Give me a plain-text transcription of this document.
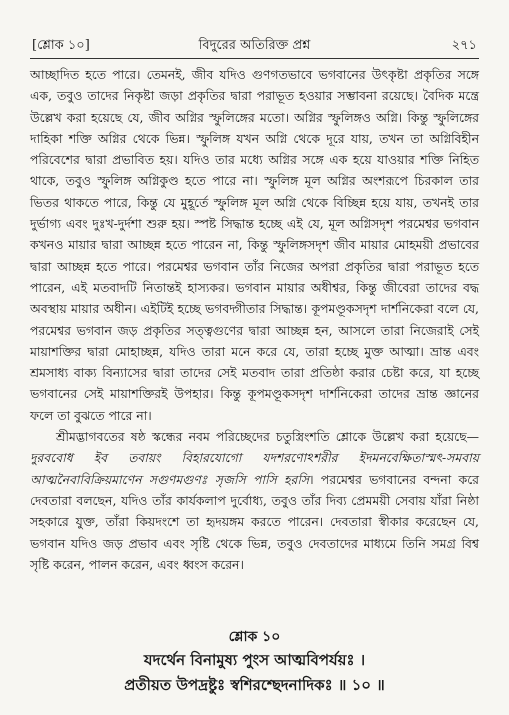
[শ্লোক ১০]	বিদুরের অতিরিক্ত প্রশ্ন	২৭১

আচ্ছাদিত হতে পারে। তেমনই, জীব যদিও গুণগতভাবে ভগবানের উৎকৃষ্টা প্রকৃতির সঙ্গে এক, তবুও তাদের নিকৃষ্টা জড়া প্রকৃতির দ্বারা পরাভূত হওয়ার সম্ভাবনা রয়েছে। বৈদিক মন্ত্রে উল্লেখ করা হয়েছে যে, জীব অগ্নির স্ফুলিঙ্গের মতো। অগ্নির স্ফুলিঙ্গও অগ্নি। কিন্তু স্ফুলিঙ্গের দাহিকা শক্তি অগ্নির থেকে ভিন্ন। স্ফুলিঙ্গ যখন অগ্নি থেকে দূরে যায়, তখন তা অগ্নিবিহীন পরিবেশের দ্বারা প্রভাবিত হয়। যদিও তার মধ্যে অগ্নির সঙ্গে এক হয়ে যাওয়ার শক্তি নিহিত থাকে, তবুও স্ফুলিঙ্গ অগ্নিকুণ্ড হতে পারে না। স্ফুলিঙ্গ মূল অগ্নির অংশরূপে চিরকাল তার ভিতর থাকতে পারে, কিন্তু যে মুহূর্তে স্ফুলিঙ্গ মূল অগ্নি থেকে বিচ্ছিন্ন হয়ে যায়, তখনই তার দুর্ভাগ্য এবং দুঃখ-দুর্দশা শুরু হয়। স্পষ্ট সিদ্ধান্ত হচ্ছে এই যে, মূল অগ্নিসদৃশ পরমেশ্বর ভগবান কখনও মায়ার দ্বারা আচ্ছন্ন হতে পারেন না, কিন্তু স্ফুলিঙ্গসদৃশ জীব মায়ার মোহময়ী প্রভাবের দ্বারা আচ্ছন্ন হতে পারে। পরমেশ্বর ভগবান তাঁর নিজের অপরা প্রকৃতির দ্বারা পরাভূত হতে পারেন, এই মতবাদটি নিতান্তই হাস্যকর। ভগবান মায়ার অধীশ্বর, কিন্তু জীবেরা তাদের বদ্ধ অবস্থায় মায়ার অধীন। এইটিই হচ্ছে ভগবদ্গীতার সিদ্ধান্ত। কূপমণ্ডূকসদৃশ দার্শনিকেরা বলে যে, পরমেশ্বর ভগবান জড় প্রকৃতির সত্ত্বগুণের দ্বারা আচ্ছন্ন হন, আসলে তারা নিজেরাই সেই মায়াশক্তির দ্বারা মোহাচ্ছন্ন, যদিও তারা মনে করে যে, তারা হচ্ছে মুক্ত আত্মা। ভ্রান্ত এবং শ্রমসাধ্য বাক্য বিন্যাসের দ্বারা তাদের সেই মতবাদ তারা প্রতিষ্ঠা করার চেষ্টা করে, যা হচ্ছে ভগবানের সেই মায়াশক্তিরই উপহার। কিন্তু কূপমণ্ডূকসদৃশ দার্শনিকেরা তাদের ভ্রান্ত জ্ঞানের ফলে তা বুঝতে পারে না।

শ্রীমদ্ভাগবতের ষষ্ঠ স্কন্ধের নবম পরিচ্ছেদের চতুস্ত্রিংশতি শ্লোকে উল্লেখ করা হয়েছে—দুরববোধ ইব তবায়ং বিহারযোগো যদশরণোঽশরীর ইদমনবেক্ষিতাস্মৎ-সমবায় আত্মনৈবাবিক্রিয়মাণেন সগুণমগুণঃ সৃজসি পাসি হরসি। পরমেশ্বর ভগবানের বন্দনা করে দেবতারা বলছেন, যদিও তাঁর কার্যকলাপ দুর্বোধ্য, তবুও তাঁর দিব্য প্রেমময়ী সেবায় যাঁরা নিষ্ঠা সহকারে যুক্ত, তাঁরা কিয়দংশে তা হৃদয়ঙ্গম করতে পারেন। দেবতারা স্বীকার করেছেন যে, ভগবান যদিও জড় প্রভাব এবং সৃষ্টি থেকে ভিন্ন, তবুও দেবতাদের মাধ্যমে তিনি সমগ্র বিশ্ব সৃষ্টি করেন, পালন করেন, এবং ধ্বংস করেন।

শ্লোক ১০
যদর্থেন বিনামুষ্য পুংস আত্মবিপর্যয়ঃ ।
প্রতীয়ত উপদ্রষ্টুঃ স্বশিরশ্ছেদনাদিকঃ ॥ ১০ ॥
